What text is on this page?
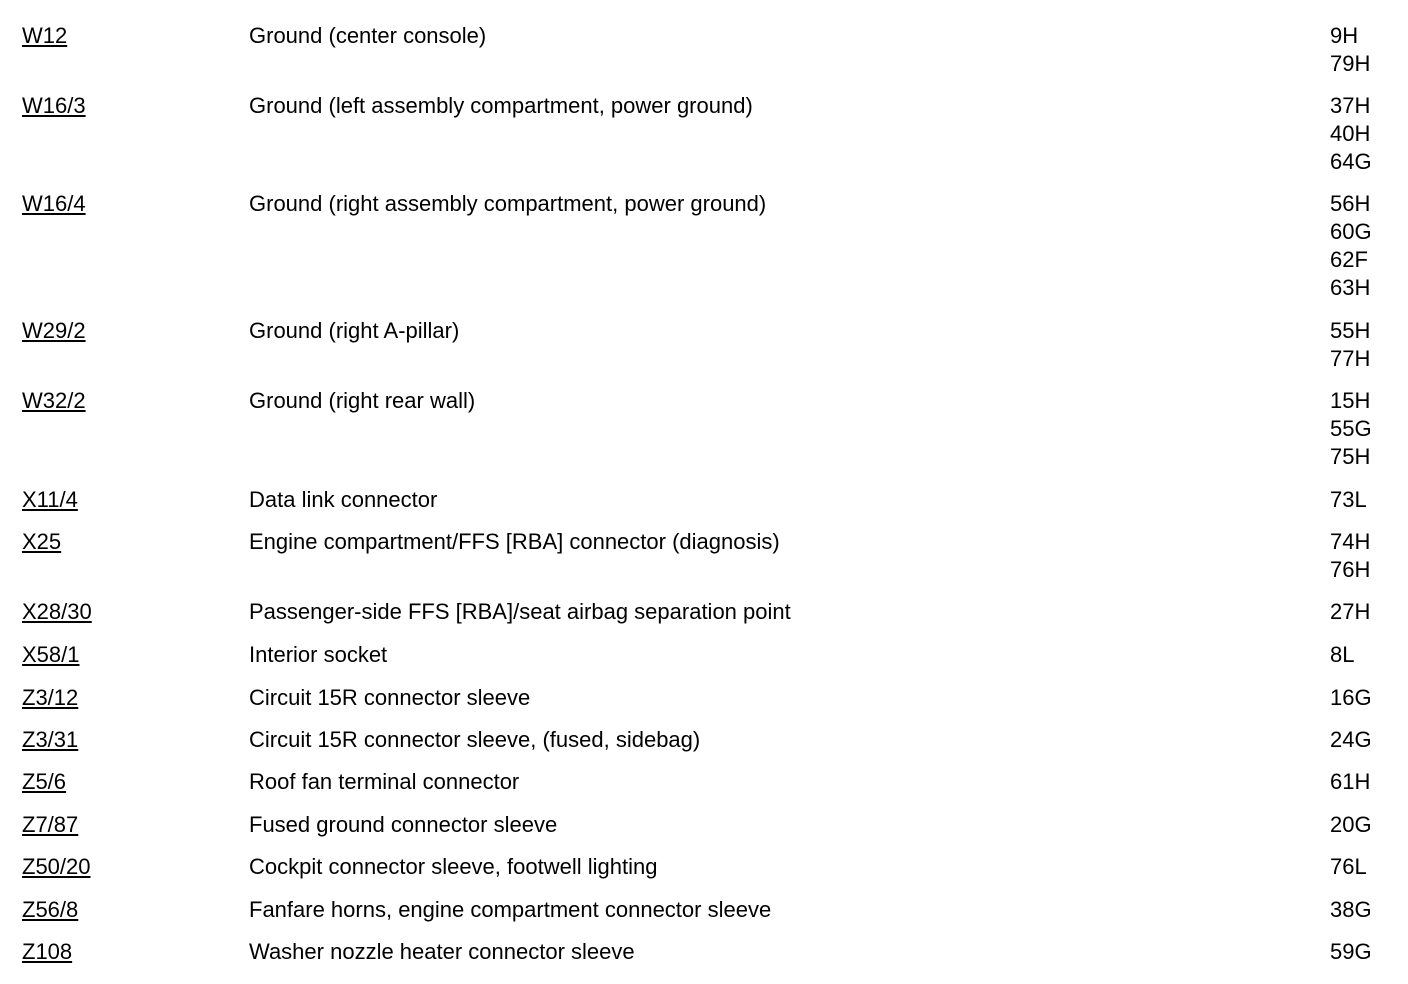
W12	Ground (center console)	9H
79H
W16/3	Ground (left assembly compartment, power ground)	37H
40H
64G
W16/4	Ground (right assembly compartment, power ground)	56H
60G
62F
63H
W29/2	Ground (right A-pillar)	55H
77H
W32/2	Ground (right rear wall)	15H
55G
75H
X11/4	Data link connector	73L
X25	Engine compartment/FFS [RBA] connector (diagnosis)	74H
76H
X28/30	Passenger-side FFS [RBA]/seat airbag separation point	27H
X58/1	Interior socket	8L
Z3/12	Circuit 15R connector sleeve	16G
Z3/31	Circuit 15R connector sleeve, (fused, sidebag)	24G
Z5/6	Roof fan terminal connector	61H
Z7/87	Fused ground connector sleeve	20G
Z50/20	Cockpit connector sleeve, footwell lighting	76L
Z56/8	Fanfare horns, engine compartment connector sleeve	38G
Z108	Washer nozzle heater connector sleeve	59G
